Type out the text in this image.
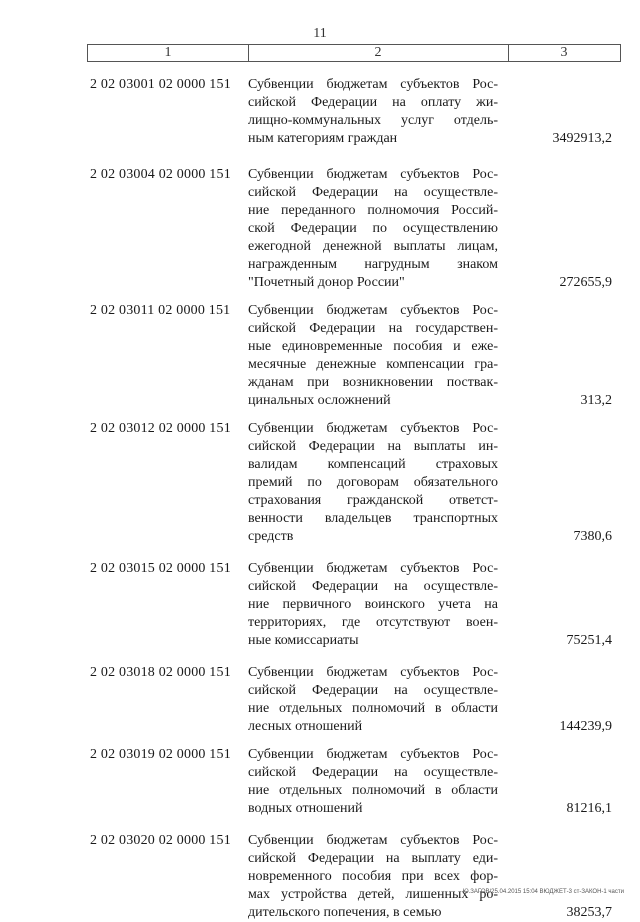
11
1	2	3
2 02 03001 02 0000 151	Субвенции бюджетам субъектов Рос-
сийской Федерации на оплату жи-
лищно-коммунальных услуг отдель-
ным категориям граждан	3492913,2
2 02 03004 02 0000 151	Субвенции бюджетам субъектов Рос-
сийской Федерации на осуществле-
ние переданного полномочия Россий-
ской Федерации по осуществлению
ежегодной денежной выплаты лицам,
награжденным нагрудным знаком
"Почетный донор России"	272655,9
2 02 03011 02 0000 151	Субвенции бюджетам субъектов Рос-
сийской Федерации на государствен-
ные единовременные пособия и еже-
месячные денежные компенсации гра-
жданам при возникновении поствак-
цинальных осложнений	313,2
2 02 03012 02 0000 151	Субвенции бюджетам субъектов Рос-
сийской Федерации на выплаты ин-
валидам компенсаций страховых
премий по договорам обязательного
страхования гражданской ответст-
венности владельцев транспортных
средств	7380,6
2 02 03015 02 0000 151	Субвенции бюджетам субъектов Рос-
сийской Федерации на осуществле-
ние первичного воинского учета на
территориях, где отсутствуют воен-
ные комиссариаты	75251,4
2 02 03018 02 0000 151	Субвенции бюджетам субъектов Рос-
сийской Федерации на осуществле-
ние отдельных полномочий в области
лесных отношений	144239,9
2 02 03019 02 0000 151	Субвенции бюджетам субъектов Рос-
сийской Федерации на осуществле-
ние отдельных полномочий в области
водных отношений	81216,1
2 02 03020 02 0000 151	Субвенции бюджетам субъектов Рос-
сийской Федерации на выплату еди-
новременного пособия при всех фор-
мах устройства детей, лишенных ро-
дительского попечения, в семью	38253,7
Ю.ЗАГОВ/25.04.2015 15:04 ВЮДЖЕТ-3 ст-ЗАКОН-1 части
